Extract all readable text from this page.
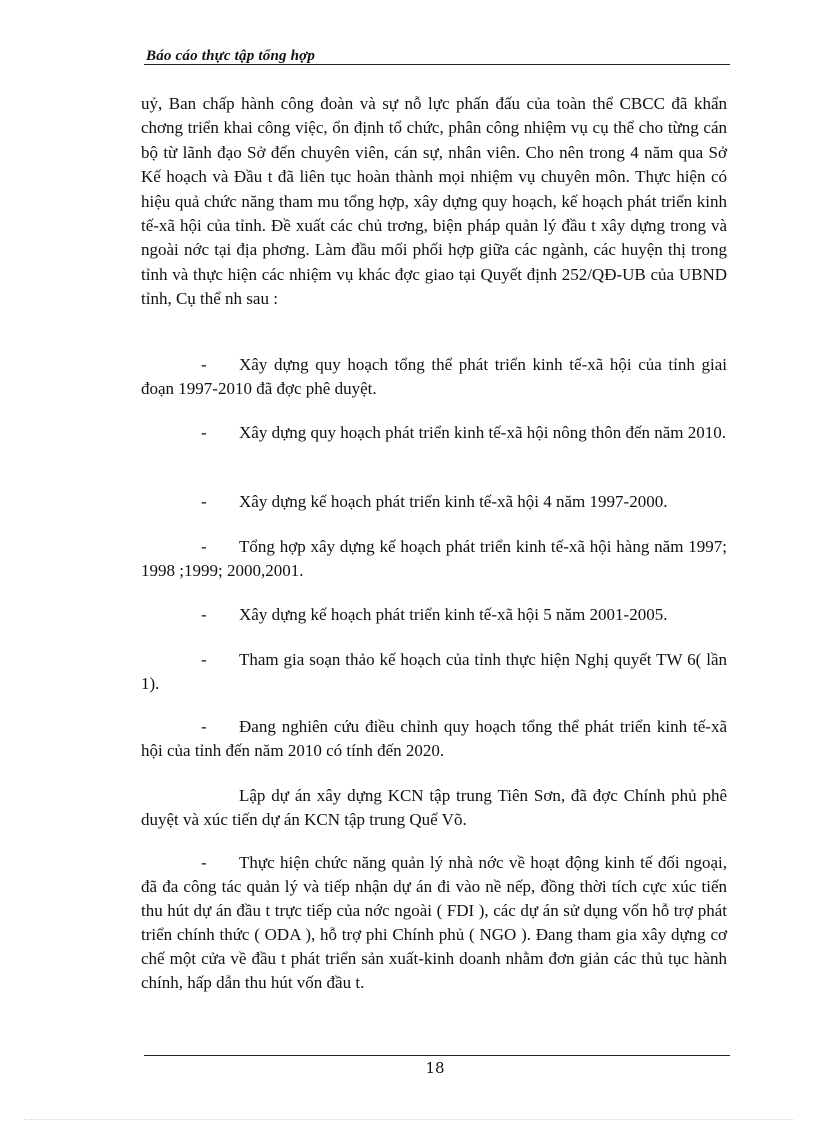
Báo cáo thực tập tổng hợp

uỷ, Ban chấp hành công đoàn và sự nỗ lực phấn đấu của toàn thể CBCC đã khẩn chơng triển khai công việc, ổn định tổ chức, phân công nhiệm vụ cụ thể cho từng cán bộ từ lãnh đạo Sở đến chuyên viên, cán sự, nhân viên. Cho nên trong 4 năm qua Sở Kế hoạch và Đầu t đã liên tục hoàn thành mọi nhiệm vụ chuyên môn. Thực hiện có hiệu quả chức năng tham mu tổng hợp, xây dựng quy hoạch, kế hoạch phát triển kinh tế-xã hội của tỉnh. Đề xuất các chủ trơng, biện pháp quản lý đầu t xây dựng trong và ngoài nớc tại địa phơng. Làm đầu mối phối hợp giữa các ngành, các huyện thị trong tỉnh và thực hiện các nhiệm vụ khác đợc giao tại Quyết định 252/QĐ-UB của UBND tỉnh, Cụ thể nh sau :

- Xây dựng quy hoạch tổng thể phát triển kinh tế-xã hội của tỉnh giai đoạn 1997-2010 đã đợc phê duyệt.

- Xây dựng quy hoạch phát triển kinh tế-xã hội nông thôn đến năm 2010.

- Xây dựng kế hoạch phát triển kinh tế-xã hội 4 năm 1997-2000.

- Tổng hợp xây dựng kế hoạch phát triển kinh tế-xã hội hàng năm 1997; 1998 ;1999; 2000,2001.

- Xây dựng kế hoạch phát triển kinh tế-xã hội 5 năm 2001-2005.

- Tham gia soạn thảo kế hoạch của tỉnh thực hiện Nghị quyết TW 6( lần 1).

- Đang nghiên cứu điều chỉnh quy hoạch tổng thể phát triển kinh tế-xã hội của tỉnh đến năm 2010 có tính đến 2020.

Lập dự án xây dựng KCN tập trung Tiên Sơn, đã đợc Chính phủ phê duyệt và xúc tiến dự án KCN tập trung Quế Võ.

- Thực hiện chức năng quản lý nhà nớc về hoạt động kinh tế đối ngoại, đã đa công tác quản lý và tiếp nhận dự án đi vào nề nếp, đồng thời tích cực xúc tiến thu hút dự án đầu t trực tiếp của nớc ngoài ( FDI ), các dự án sử dụng vốn hỗ trợ phát triển chính thức ( ODA ), hỗ trợ phi Chính phủ ( NGO ). Đang tham gia xây dựng cơ chế một cửa về đầu t phát triển sản xuất-kinh doanh nhằm đơn giản các thủ tục hành chính, hấp dẫn thu hút vốn đầu t.

18
